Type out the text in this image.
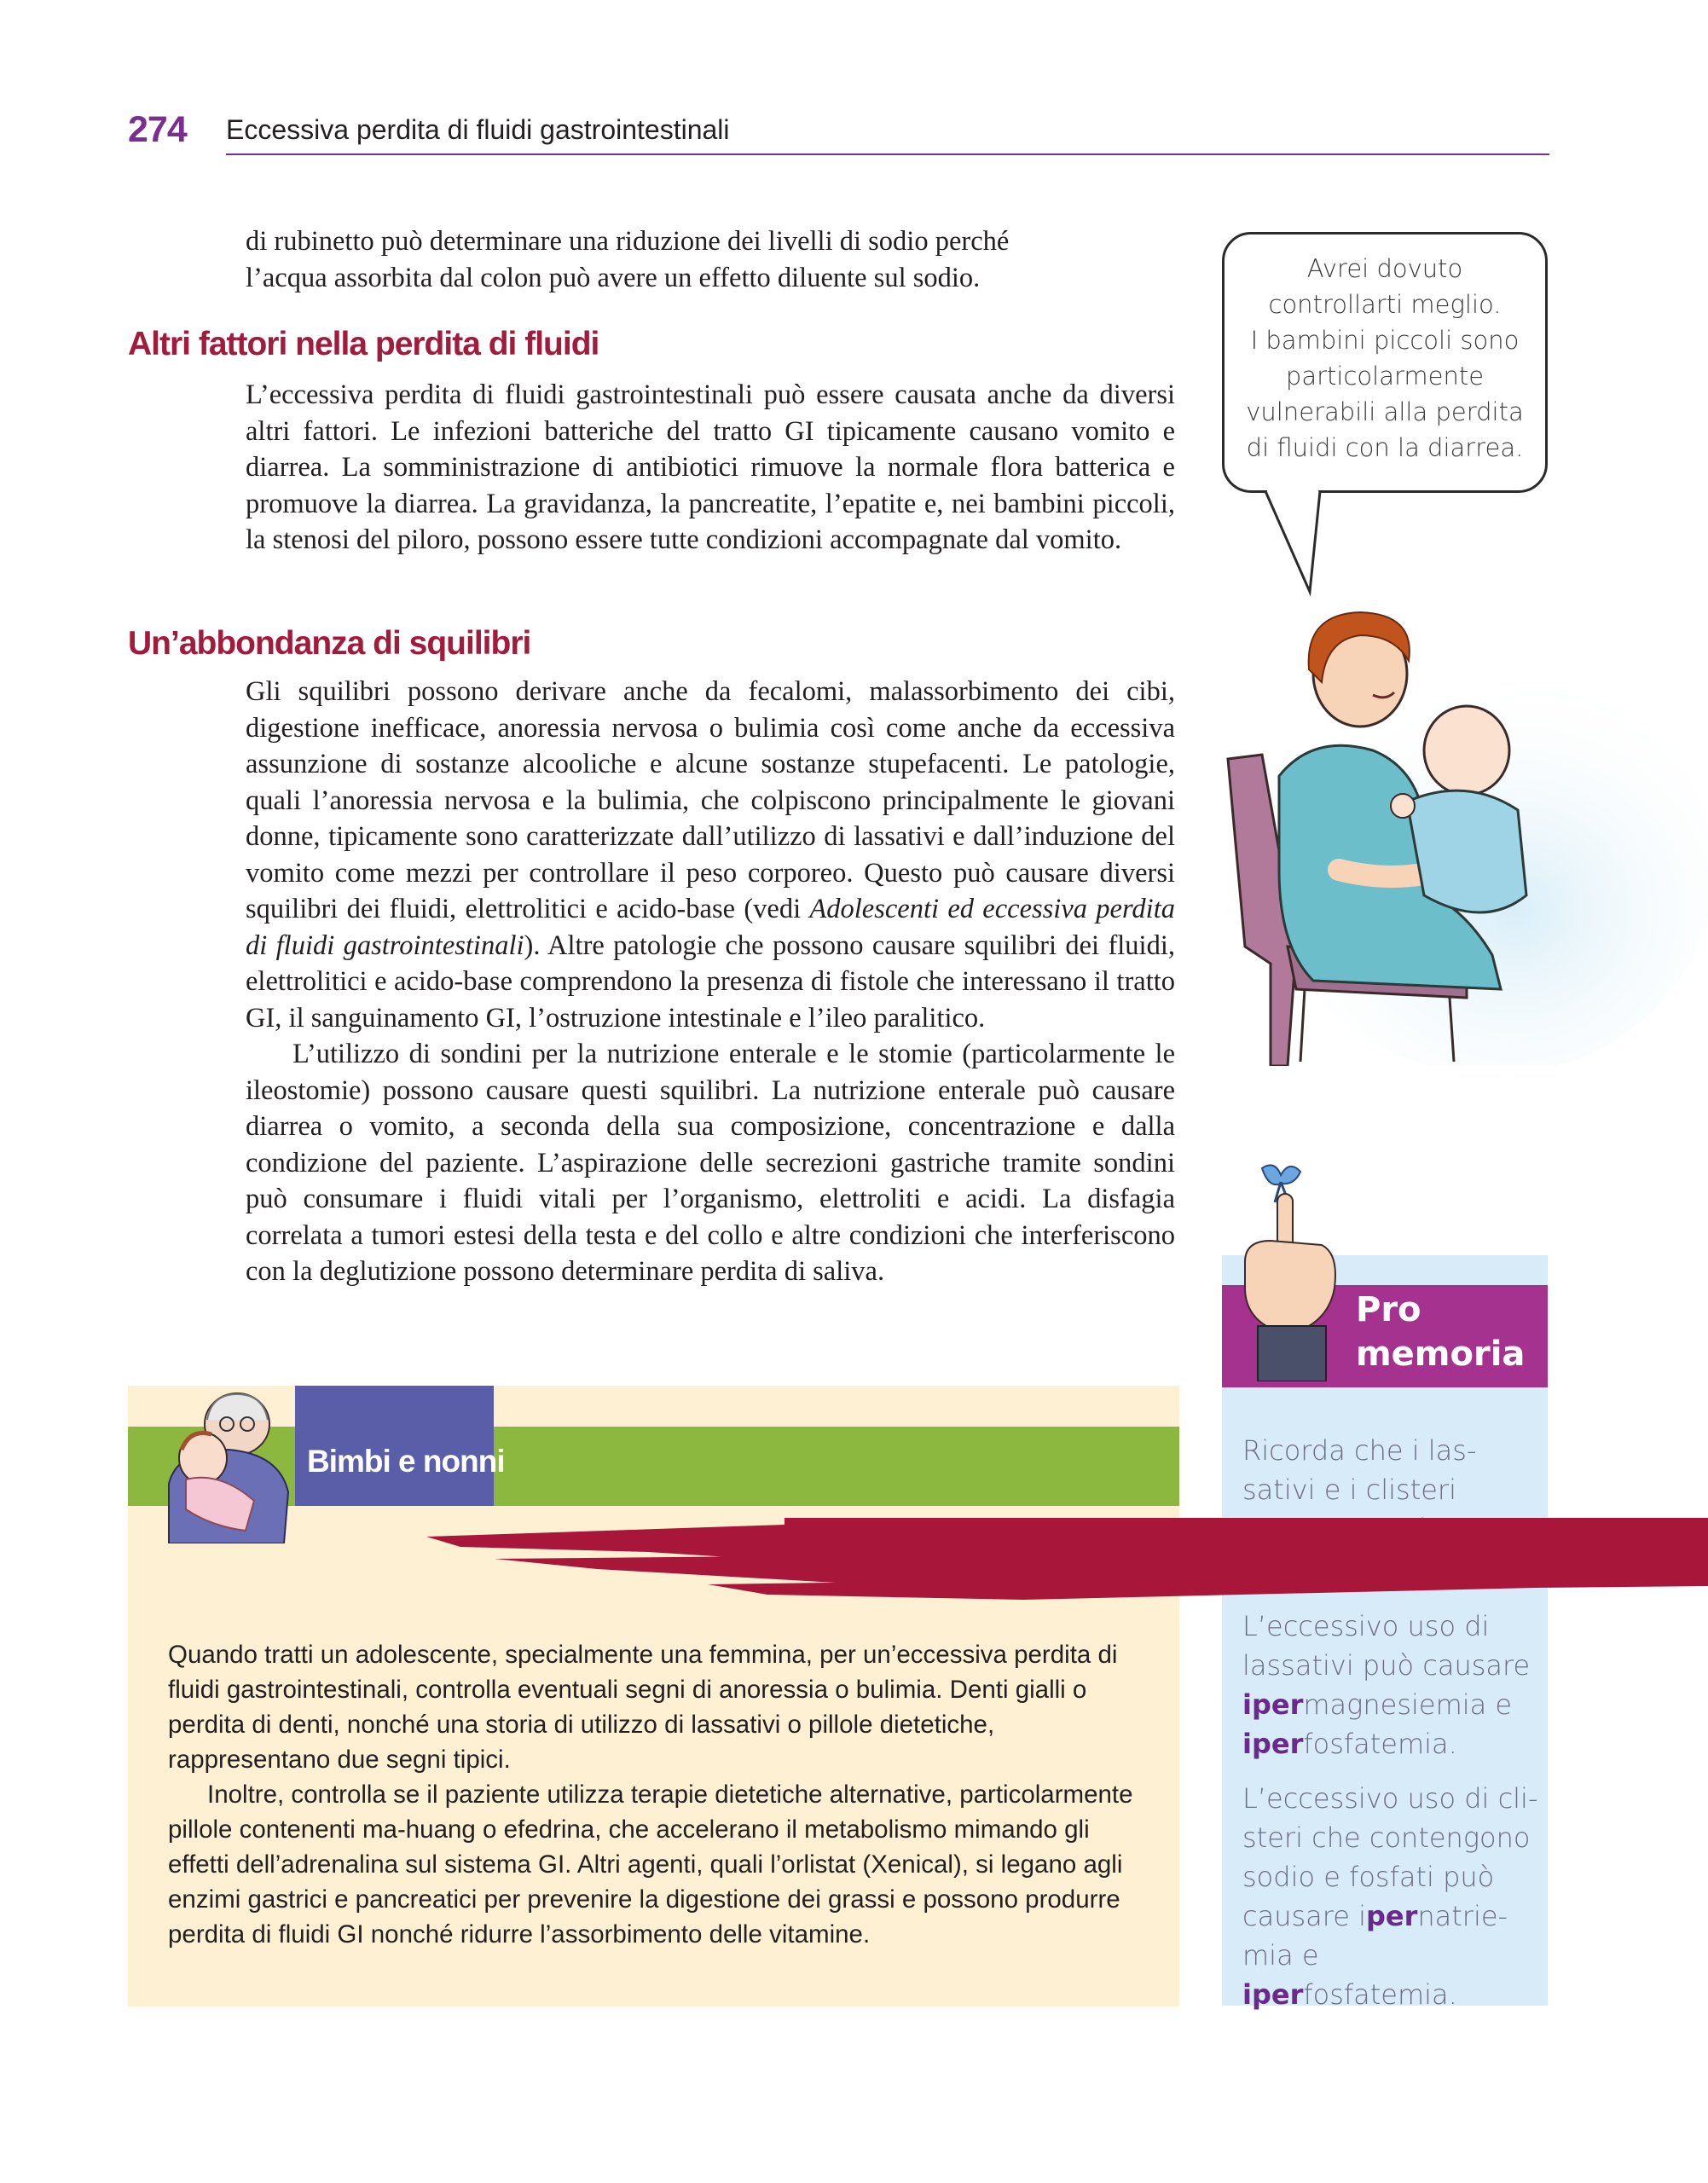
274 Eccessiva perdita di fluidi gastrointestinali

di rubinetto può determinare una riduzione dei livelli di sodio perché

l’acqua assorbita dal colon può avere un effetto diluente sul sodio.

Altri fattori nella perdita di fluidi

L’eccessiva perdita di fluidi gastrointestinali può essere causata anche da diversi altri fattori. Le infezioni batteriche del tratto GI tipicamente causano vomito e diarrea. La somministrazione di antibiotici rimuove la normale flora batterica e promuove la diarrea. La gravidanza, la pancreatite, l’epatite e, nei bambini piccoli, la stenosi del piloro, possono essere tutte condizioni accompagnate dal vomito.

Un’abbondanza di squilibri

Gli squilibri possono derivare anche da fecalomi, malassorbimento dei cibi, digestione inefficace, anoressia nervosa o bulimia così come anche da eccessiva assunzione di sostanze alcooliche e alcune sostanze stupefacenti. Le patologie, quali l’anoressia nervosa e la bulimia, che colpiscono principalmente le giovani donne, tipicamente sono caratterizzate dall’utilizzo di lassativi e dall’induzione del vomito come mezzi per controllare il peso corporeo. Questo può causare diversi squilibri dei fluidi, elettrolitici e acido-base (vedi Adolescenti ed eccessiva perdita di fluidi gastrointestinali). Altre patologie che possono causare squilibri dei fluidi, elettrolitici e acido-base comprendono la presenza di fistole che interessano il tratto GI, il sanguinamento GI, l’ostruzione intestinale e l’ileo paralitico.

L’utilizzo di sondini per la nutrizione enterale e le stomie (particolarmente le ileostomie) possono causare questi squilibri. La nutrizione enterale può causare diarrea o vomito, a seconda della sua composizione, concentrazione e dalla condizione del paziente. L’aspirazione delle secrezioni gastriche tramite sondini può consumare i fluidi vitali per l’organismo, elettroliti e acidi. La disfagia correlata a tumori estesi della testa e del collo e altre condizioni che interferiscono con la deglutizione possono determinare perdita di saliva.

Avrei dovuto
controllarti meglio.
I bambini piccoli sono
particolarmente
vulnerabili alla perdita
di fluidi con la diarrea.
Pro
memoria
Ricorda che i las-
sativi e i clisteri
L’eccessivo uso di
lassativi può causare
ipermagnesiemia e
iperfosfatemia.
L’eccessivo uso di cli-
steri che contengono
sodio e fosfati può
causare ipernatrie-
mia e iperfosfatemia.
Bimbi e nonni

Quando tratti un adolescente, specialmente una femmina, per un’eccessiva perdita di fluidi gastrointestinali, controlla eventuali segni di anoressia o bulimia. Denti gialli o perdita di denti, nonché una storia di utilizzo di lassativi o pillole dietetiche, rappresentano due segni tipici.

Inoltre, controlla se il paziente utilizza terapie dietetiche alternative, particolarmente pillole contenenti ma-huang o efedrina, che accelerano il metabolismo mimando gli effetti dell’adrenalina sul sistema GI. Altri agenti, quali l’orlistat (Xenical), si legano agli enzimi gastrici e pancreatici per prevenire la digestione dei grassi e possono produrre perdita di fluidi GI nonché ridurre l’assorbimento delle vitamine.
